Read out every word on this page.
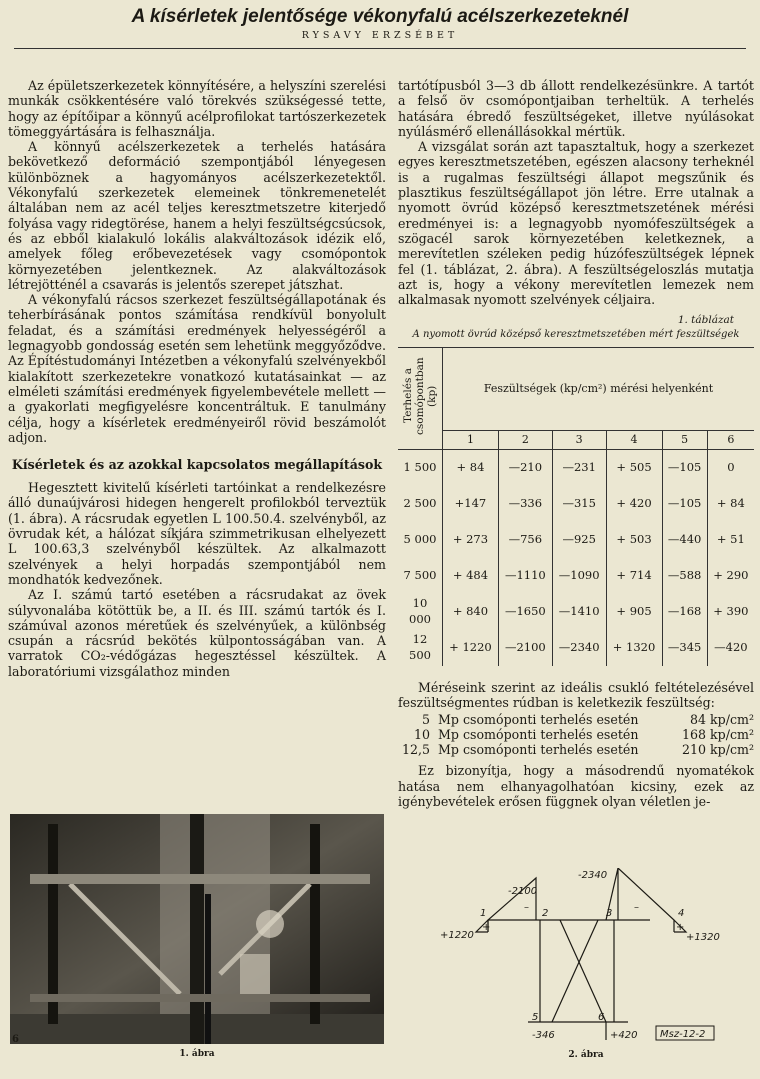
A kísérletek jelentősége vékonyfalú acélszerkezeteknél
RYSAVY ERZSÉBET

Az épületszerkezetek könnyítésére, a helyszíni szerelési munkák csökkentésére való törekvés szükségessé tette, hogy az építőipar a könnyű acélprofilokat tartószerkezetek tömeggyártására is felhasználja.

A könnyű acélszerkezetek a terhelés hatására bekövetkező deformáció szempontjából lényegesen különböznek a hagyományos acélszerkezetektől. Vékonyfalú szerkezetek elemeinek tönkremenetelét általában nem az acél teljes keresztmetszetre kiterjedő folyása vagy ridegtörése, hanem a helyi feszültségcsúcsok, és az ebből kialakuló lokális alakváltozások idézik elő, amelyek főleg erőbevezetések vagy csomópontok környezetében jelentkeznek. Az alakváltozások létrejötténél a csavarás is jelentős szerepet játszhat.

A vékonyfalú rácsos szerkezet feszültségállapotának és teherbírásának pontos számítása rendkívül bonyolult feladat, és a számítási eredmények helyességéről a legnagyobb gondosság esetén sem lehetünk meggyőződve. Az Építéstudományi Intézetben a vékonyfalú szelvényekből kialakított szerkezetekre vonatkozó kutatásainkat — az elméleti számítási eredmények figyelembevétele mellett — a gyakorlati megfigyelésre koncentráltuk. E tanulmány célja, hogy a kísérletek eredményeiről rövid beszámolót adjon.

Kísérletek és az azokkal kapcsolatos megállapítások

Hegesztett kivitelű kísérleti tartóinkat a rendelkezésre álló dunaújvárosi hidegen hengerelt profilokból terveztük (1. ábra). A rácsrudak egyetlen L 100.50.4. szelvényből, az övrudak két, a hálózat síkjára szimmetrikusan elhelyezett L 100.63,3 szelvényből készültek. Az alkalmazott szelvények a helyi horpadás szempontjából nem mondhatók kedvezőnek.

Az I. számú tartó esetében a rácsrudakat az övek súlyvonalába kötöttük be, a II. és III. számú tartók és I. számúval azonos méretűek és szelvényűek, a különbség csupán a rácsrúd bekötés külpontosságában van. A varratok CO₂-védőgázas hegesztéssel készültek. A laboratóriumi vizsgálathoz minden

tartótípusból 3—3 db állott rendelkezésünkre. A tartót a felső öv csomópontjaiban terheltük. A terhelés hatására ébredő feszültségeket, illetve nyúlásokat nyúlásmérő ellenállásokkal mértük.

A vizsgálat során azt tapasztaltuk, hogy a szerkezet egyes keresztmetszetében, egészen alacsony terheknél is a rugalmas feszültségi állapot megszűnik és plasztikus feszültségállapot jön létre. Erre utalnak a nyomott övrúd középső keresztmetszetének mérési eredményei is: a legnagyobb nyomófeszültségek a szögacél sarok környezetében keletkeznek, a merevítetlen széleken pedig húzófeszültségek lépnek fel (1. táblázat, 2. ábra). A feszültségeloszlás mutatja azt is, hogy a vékony merevítetlen lemezek nem alkalmasak nyomott szelvények céljaira.

1. táblázat
A nyomott övrúd középső keresztmetszetében mért feszültségek
Terhelés a csomópontban (kp)	Feszültségek (kp/cm²) mérési helyenként					
	1	2	3	4	5	6
1 500	+ 84	—210	—231	+ 505	—105	0
2 500	+147	—336	—315	+ 420	—105	+ 84
5 000	+ 273	—756	—925	+ 503	—440	+ 51
7 500	+ 484	—1110	—1090	+ 714	—588	+ 290
10 000	+ 840	—1650	—1410	+ 905	—168	+ 390
12 500	+ 1220	—2100	—2340	+ 1320	—345	—420

Méréseink szerint az ideális csukló feltételezésével feszültségmentes rúdban is keletkezik feszültség:

5 Mp csomóponti terhelés esetén	84 kp/cm²
10 Mp csomóponti terhelés esetén	168 kp/cm²
12,5 Mp csomóponti terhelés esetén	210 kp/cm²

Ez bizonyítja, hogy a másodrendű nyomatékok hatása nem elhanyagolhatóan kicsiny, ezek az igénybevételek erősen függnek olyan véletlen je-

6
1. ábra
+1220
-2100
-2340
+1320
-346	+420
1	2	3	4
5	6
+	+
–	–
Msz-12-2
2. ábra
